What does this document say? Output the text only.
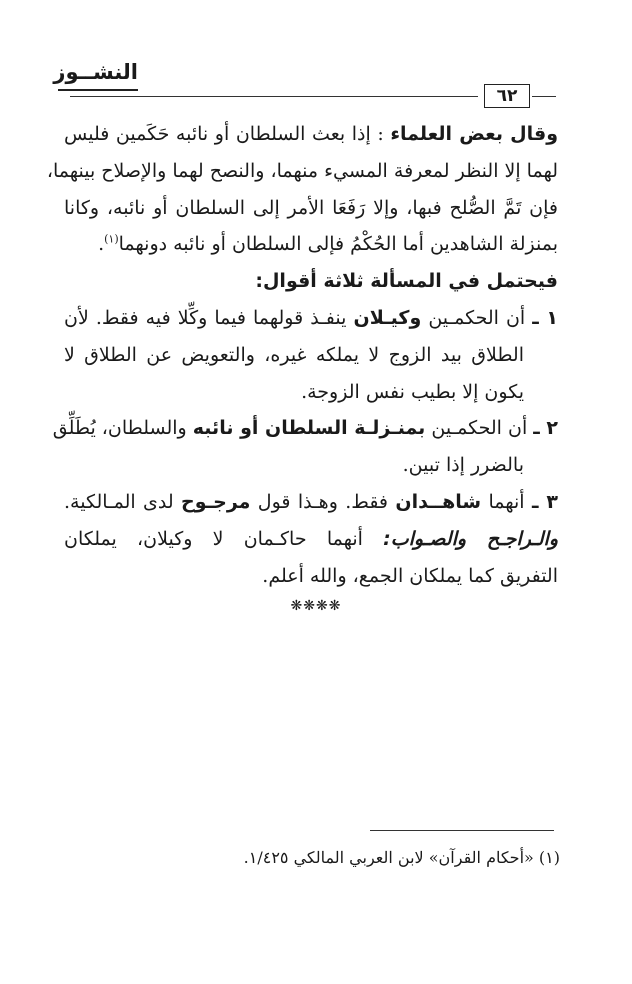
النشــوز
٦٢
وقال بعض العلماء : إذا بعث السلطان أو نائبه حَكَمين فليس
لهما إلا النظر لمعرفة المسيء منهما، والنصح لهما والإصلاح بينهما،
فإن تَمَّ الصُّلح فبها، وإلا رَفَعَا الأمر إلى السلطان أو نائبه، وكانا
بمنزلة الشاهدين أما الحُكْمُ فإلى السلطان أو نائبه دونهما$^{(١)}$.
فيحتمل في المسألة ثلاثة أقوال:
١ ـ أن الحكمـين وكيـلان ينفـذ قولهما فيما وكِّلا فيه فقط. لأن
الطلاق بيد الزوج لا يملكه غيره، والتعويض عن الطلاق لا
يكون إلا بطيب نفس الزوجة.
٢ ـ أن الحكمـين بمنـزلـة السلطان أو نائبه والسلطان، يُطَلِّق
بالضرر إذا تبين.
٣ ـ أنهما شاهــدان فقط. وهـذا قول مرجـوح لدى المـالكية.
والـراجـح والصـواب: أنهما حاكـمان لا وكيلان، يملكان
التفريق كما يملكان الجمع، والله أعلم.
❋❋❋❋
(١) «أحكام القرآن» لابن العربي المالكي ١/٤٢٥.
